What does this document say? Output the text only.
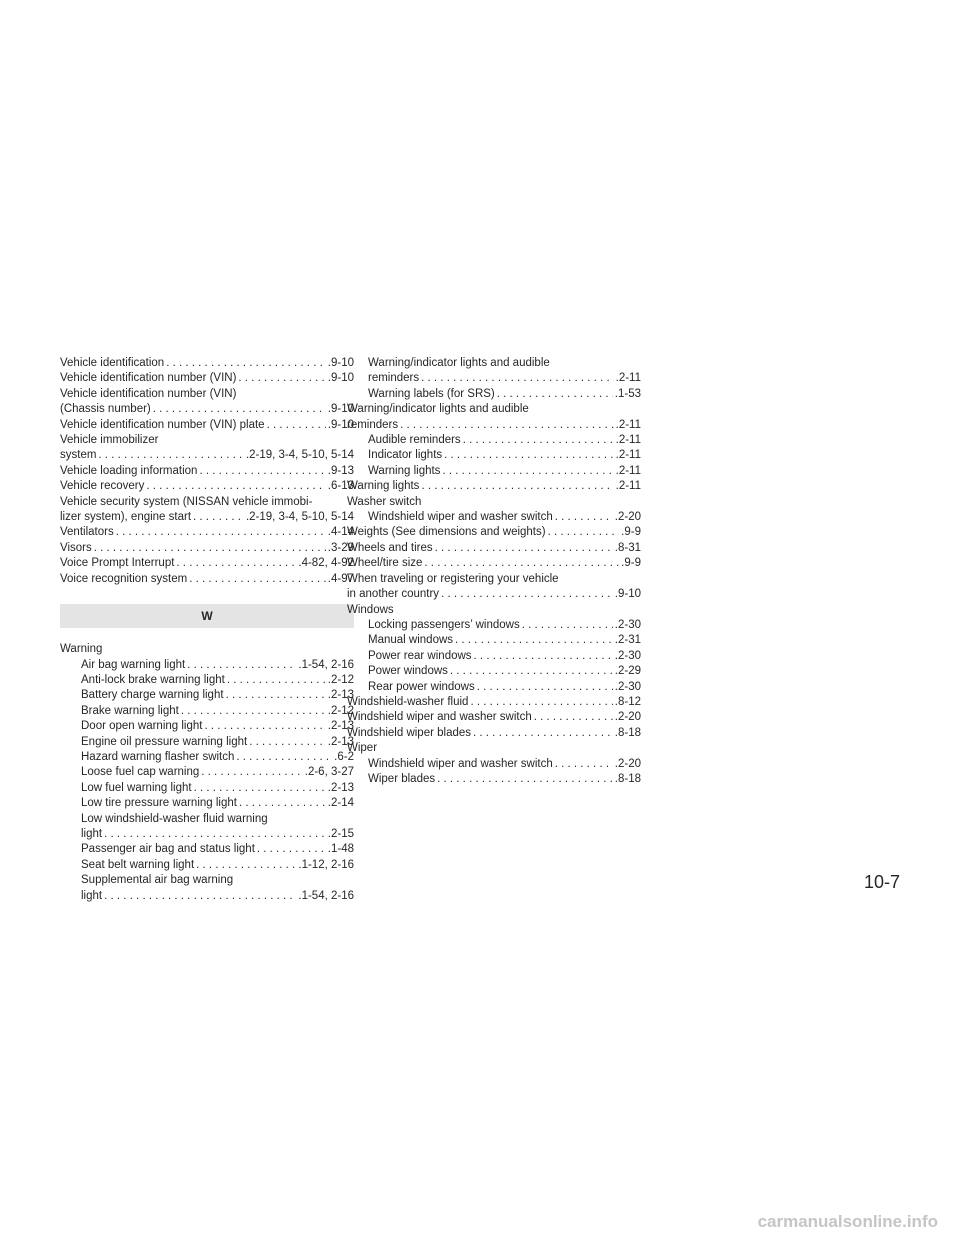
Vehicle identification . . .	.9-10
Vehicle identification number (VIN) . . .	.9-10
Vehicle identification number (VIN)
(Chassis number) . . .	.9-10
Vehicle identification number (VIN) plate . . .	.9-10
Vehicle immobilizer
system . . .	.2-19, 3-4, 5-10, 5-14
Vehicle loading information . . .	.9-13
Vehicle recovery . . .	.6-13
Vehicle security system (NISSAN vehicle immobi-
lizer system), engine start . . .	.2-19, 3-4, 5-10, 5-14
Ventilators . . .	.4-14
Visors . . .	.3-29
Voice Prompt Interrupt . . .	.4-82, 4-92
Voice recognition system . . .	.4-97
W
Warning
Air bag warning light . . .	.1-54, 2-16
Anti-lock brake warning light . . .	.2-12
Battery charge warning light . . .	.2-13
Brake warning light . . .	.2-12
Door open warning light . . .	.2-13
Engine oil pressure warning light . . .	.2-13
Hazard warning flasher switch . . .	.6-2
Loose fuel cap warning . . .	.2-6, 3-27
Low fuel warning light . . .	.2-13
Low tire pressure warning light . . .	.2-14
Low windshield-washer fluid warning
light . . .	.2-15
Passenger air bag and status light . . .	.1-48
Seat belt warning light . . .	.1-12, 2-16
Supplemental air bag warning
light . . .	.1-54, 2-16
Warning/indicator lights and audible
reminders . . .	.2-11
Warning labels (for SRS) . . .	.1-53
Warning/indicator lights and audible
reminders . . .	.2-11
Audible reminders . . .	.2-11
Indicator lights . . .	.2-11
Warning lights . . .	.2-11
Warning lights . . .	.2-11
Washer switch
Windshield wiper and washer switch . . .	.2-20
Weights (See dimensions and weights) . . .	.9-9
Wheels and tires . . .	.8-31
Wheel/tire size . . .	.9-9
When traveling or registering your vehicle
in another country . . .	.9-10
Windows
Locking passengers’ windows . . .	.2-30
Manual windows . . .	.2-31
Power rear windows . . .	.2-30
Power windows . . .	.2-29
Rear power windows . . .	.2-30
Windshield-washer fluid . . .	.8-12
Windshield wiper and washer switch . . .	.2-20
Windshield wiper blades . . .	.8-18
Wiper
Windshield wiper and washer switch . . .	.2-20
Wiper blades . . .	.8-18
10-7
carmanualsonline.info
